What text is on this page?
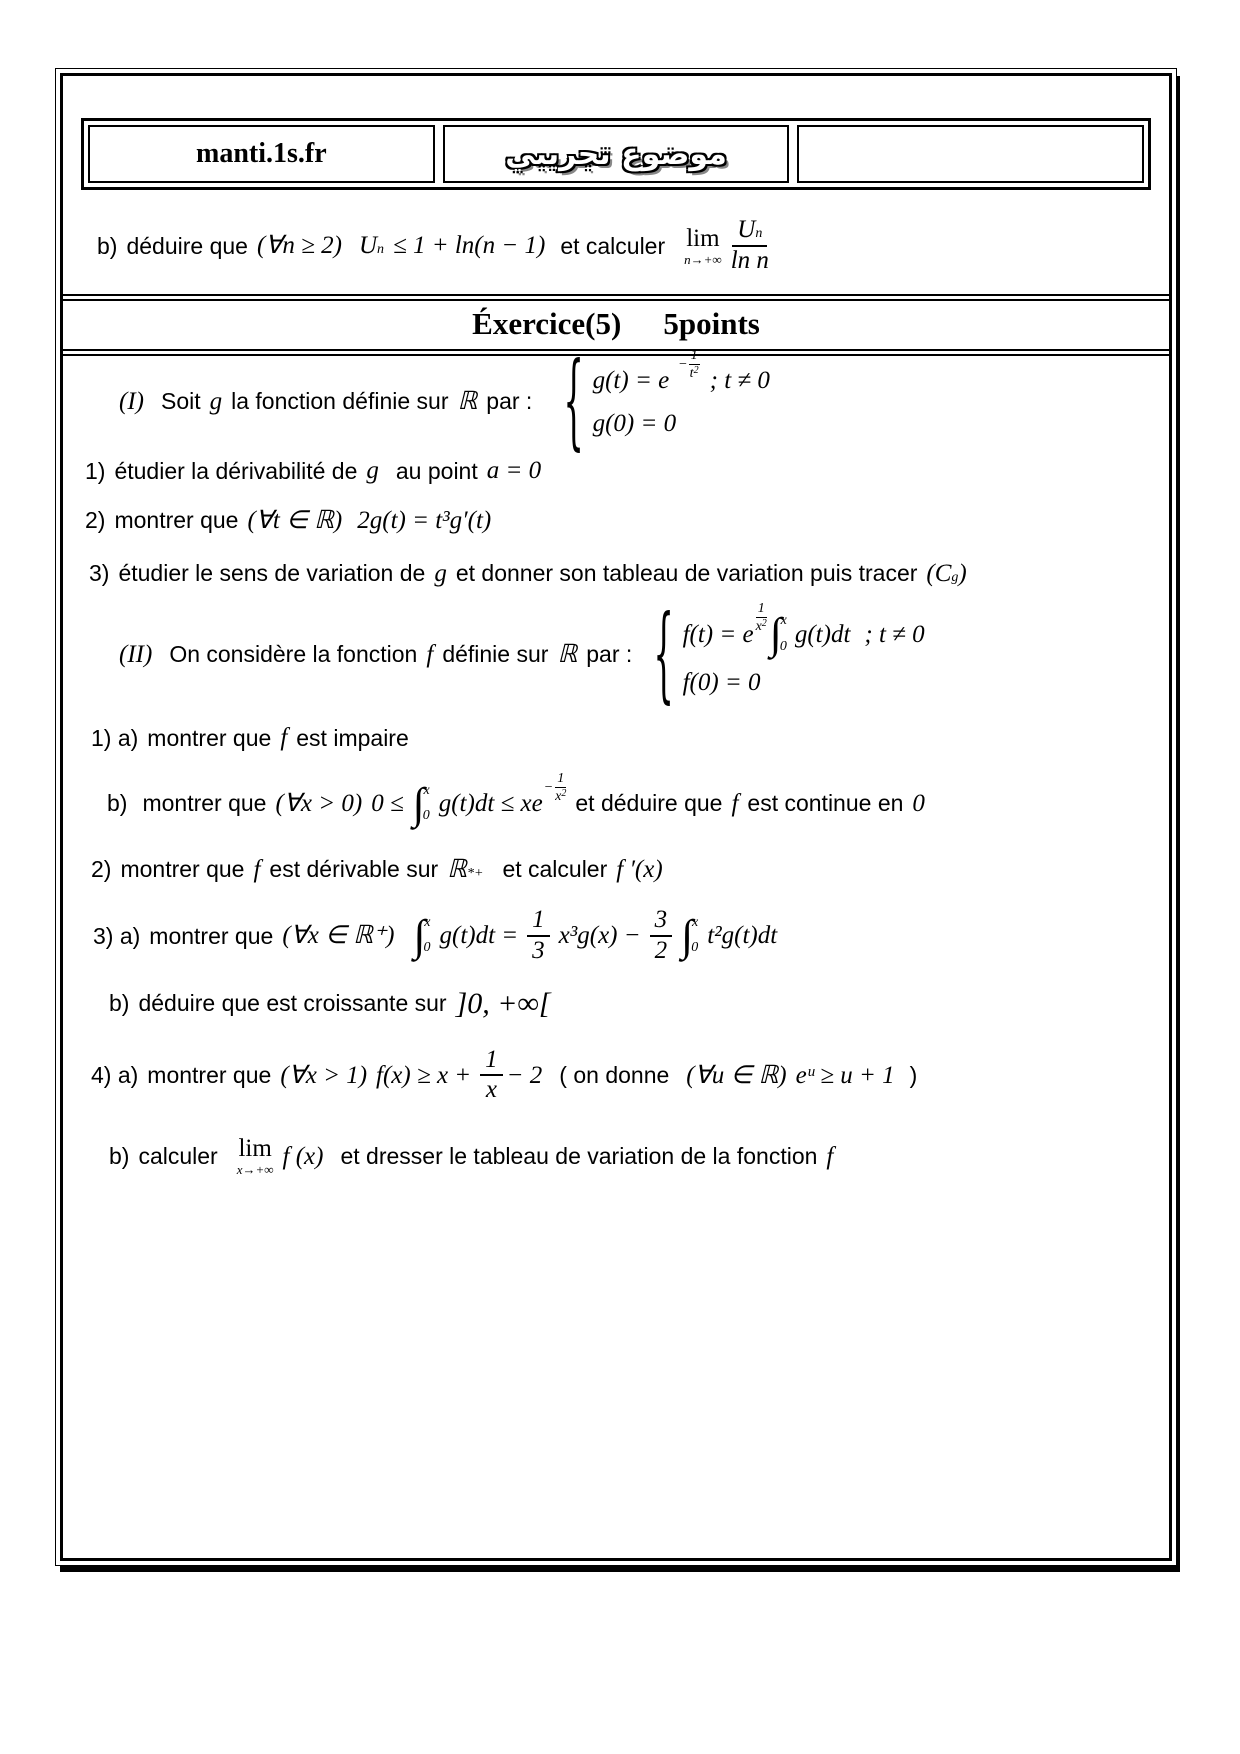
manti.1s.fr	موضوع تجريبي
b) déduire que (∀n ≥ 2) U n ≤ 1 + ln(n − 1) et calculer lim
$n\to+\infty \frac{\text{U n}}{\text{ln n}}$
Éxercice(5) 5points
(I) Soit g la fonction définie sur ℝ par : { g(t) = e
− $\frac{1}{t^2}$ ; t ≠ 0
g(0) = 0
1) étudier la dérivabilité de g au point a = 0
2) montrer que (∀t ∈ ℝ) 2g(t) = t³g′(t)
3) étudier le sens de variation de g et donner son tableau de variation puis tracer (C g )
(II) On considère la fonction f définie sur ℝ par : { f(t) = e
1
$x^2$ ∫
x
0 g(t)dt ; t ≠ 0
f(0) = 0
1) a) montrer que f est impaire
b) montrer que (∀x > 0) 0 ≤ ∫
x
0 g(t)dt ≤ xe
− $\frac{1}{x^2}$ et déduire que f est continue en 0
2) montrer que f est dérivable sur ℝ *+ et calculer f ′(x)
3) a) montrer que (∀x ∈ ℝ⁺) ∫
x
0 $g(t)dt = \frac{1}{3} x^3g(x) - \frac{3}{2}$ ∫
x
0 t²g(t)dt
b) déduire que est croissante sur ]0, +∞[
4) a) montrer que (∀x > 1) $f(x) \ge x + \frac{1}{x} - 2$ ( on donne (∀u ∈ ℝ) eᵘ ≥ u + 1 )
b) calculer lim
x→+∞
f (x) et dresser le tableau de variation de la fonction f
